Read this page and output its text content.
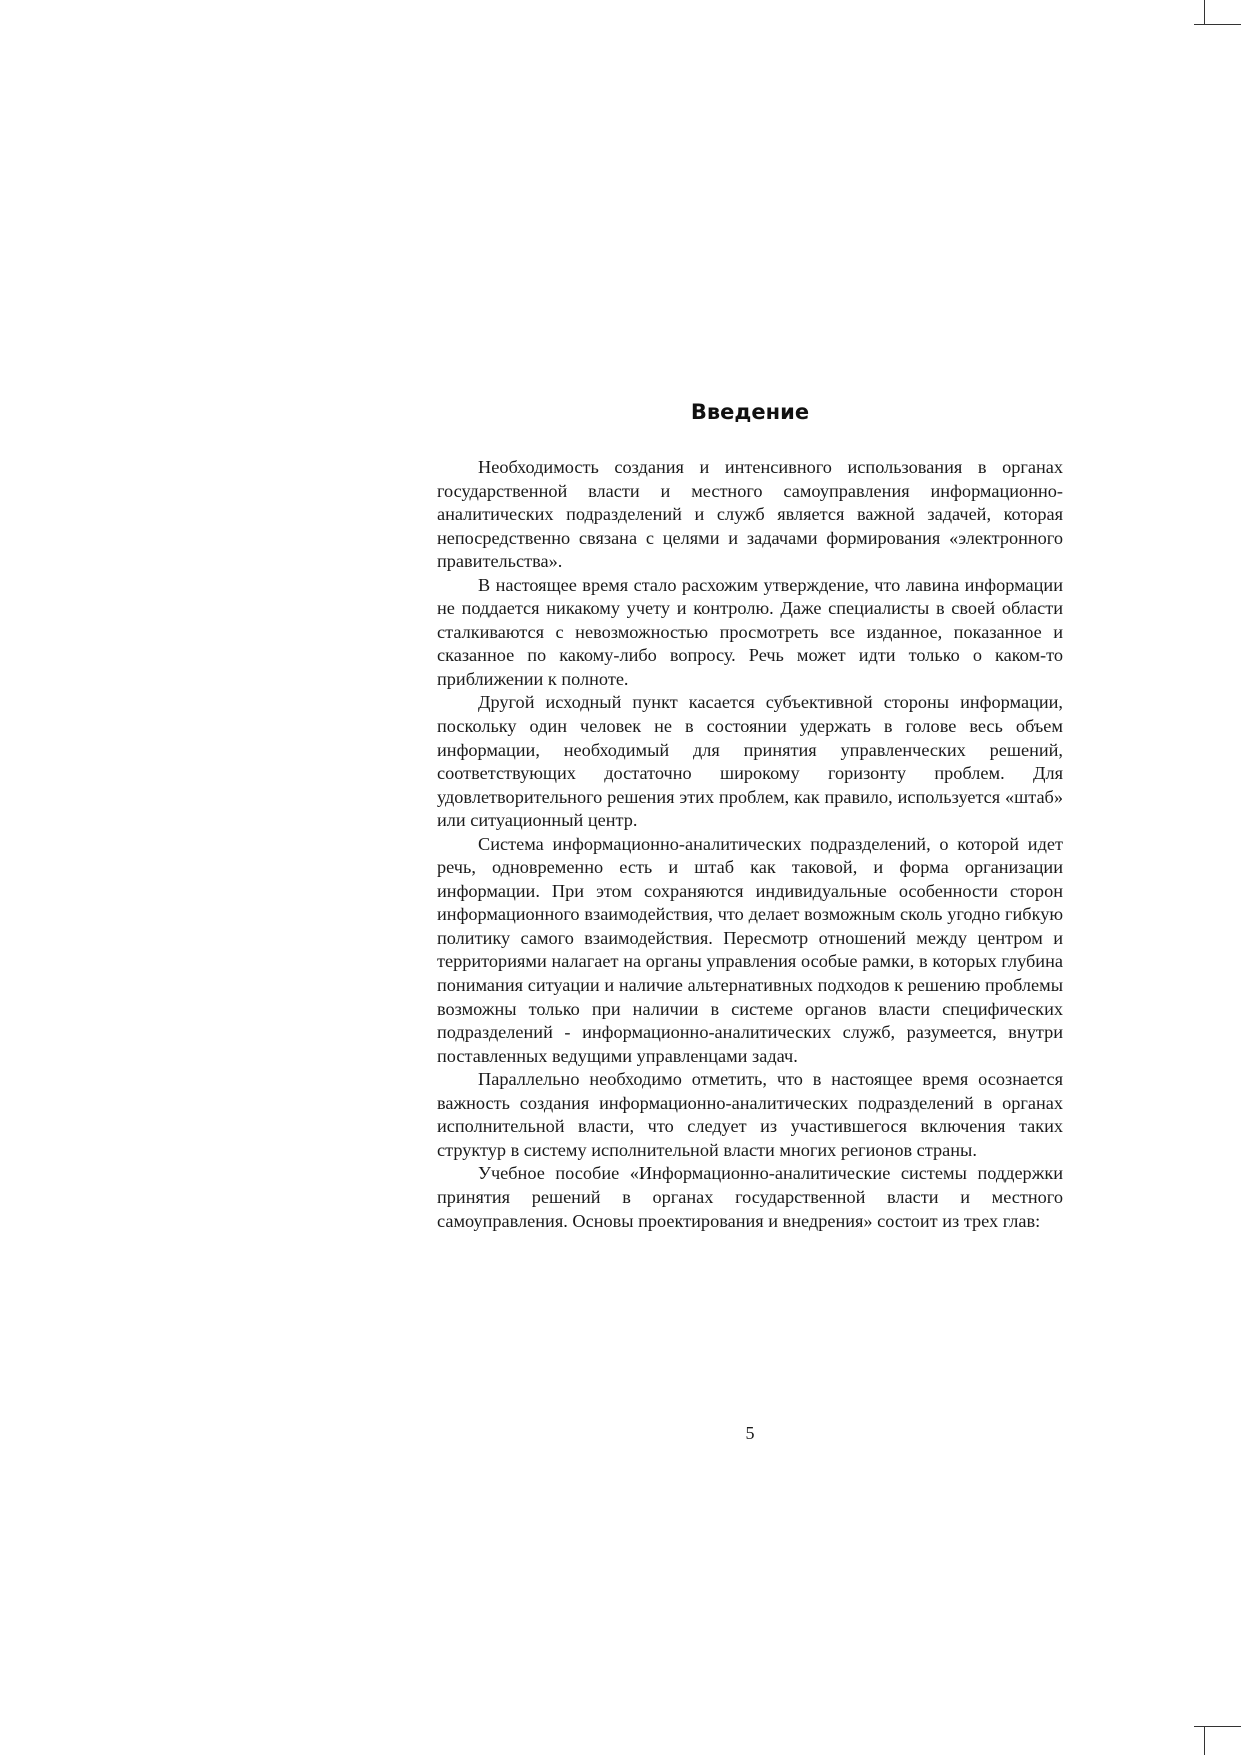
Введение

Необходимость создания и интенсивного использования в органах государственной власти и местного самоуправления информационно-аналитических подразделений и служб является важной задачей, которая непосредственно связана с целями и задачами формирования «электронного правительства».

В настоящее время стало расхожим утверждение, что лавина информации не поддается никакому учету и контролю. Даже специалисты в своей области сталкиваются с невозможностью просмотреть все изданное, показанное и сказанное по какому-либо вопросу. Речь может идти только о каком-то приближении к полноте.

Другой исходный пункт касается субъективной стороны информации, поскольку один человек не в состоянии удержать в голове весь объем информации, необходимый для принятия управленческих решений, соответствующих достаточно широкому горизонту проблем. Для удовлетворительного решения этих проблем, как правило, используется «штаб» или ситуационный центр.

Система информационно-аналитических подразделений, о которой идет речь, одновременно есть и штаб как таковой, и форма организации информации. При этом сохраняются индивидуальные особенности сторон информационного взаимодействия, что делает возможным сколь угодно гибкую политику самого взаимодействия. Пересмотр отношений между центром и территориями налагает на органы управления особые рамки, в которых глубина понимания ситуации и наличие альтернативных подходов к решению проблемы возможны только при наличии в системе органов власти специфических подразделений - информационно-аналитических служб, разумеется, внутри поставленных ведущими управленцами задач.

Параллельно необходимо отметить, что в настоящее время осознается важность создания информационно-аналитических подразделений в органах исполнительной власти, что следует из участившегося включения таких структур в систему исполнительной власти многих регионов страны.

Учебное пособие «Информационно-аналитические системы поддержки принятия решений в органах государственной власти и местного самоуправления. Основы проектирования и внедрения» состоит из трех глав:

5
